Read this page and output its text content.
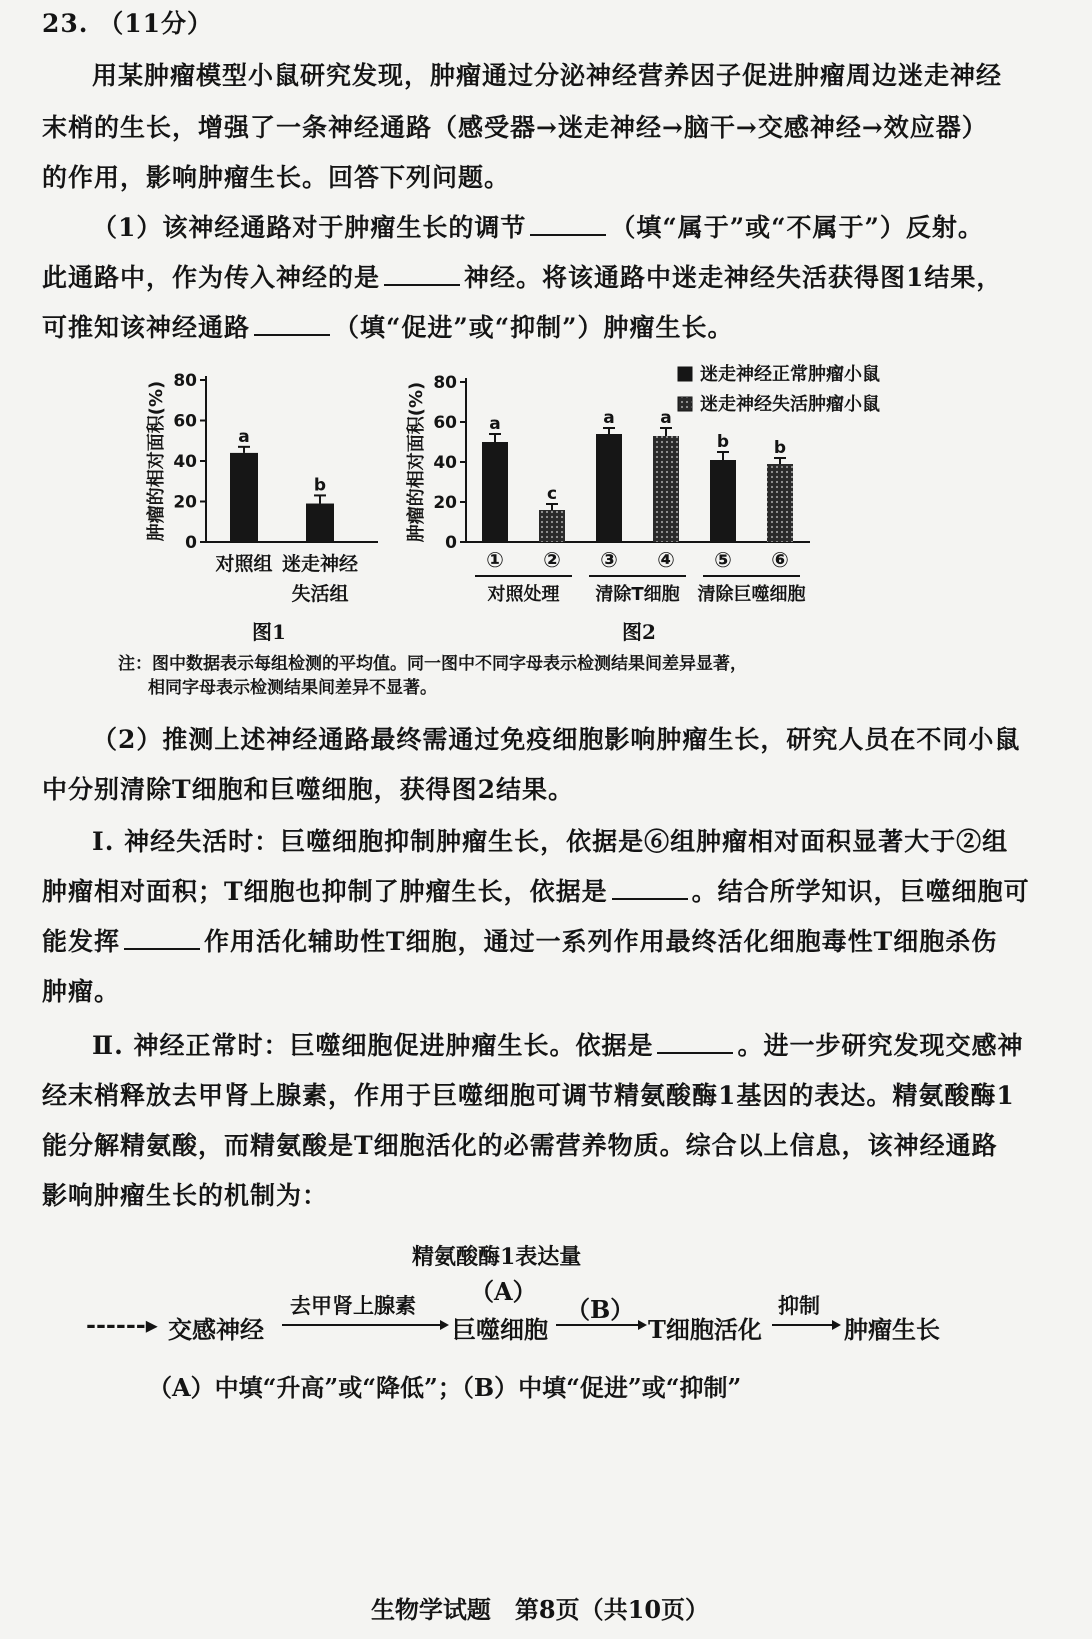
23. （11分）
用某肿瘤模型小鼠研究发现，肿瘤通过分泌神经营养因子促进肿瘤周边迷走神经
末梢的生长，增强了一条神经通路（感受器→迷走神经→脑干→交感神经→效应器）
的作用，影响肿瘤生长。回答下列问题。
（1）该神经通路对于肿瘤生长的调节	（填“属于”或“不属于”）反射。
此通路中，作为传入神经的是	神经。将该通路中迷走神经失活获得图1结果，
可推知该神经通路	（填“促进”或“抑制”）肿瘤生长。
肿瘤的相对面积(%)
0
20
40
60
80
a
b
对照组 迷走神经
失活组
图1
肿瘤的相对面积(%)
0
20
40
60
80
a
c
a	a
b	b
① ② ③ ④ ⑤ ⑥
对照处理 清除T细胞 清除巨噬细胞
迷走神经正常肿瘤小鼠
迷走神经失活肿瘤小鼠
图2
注：图中数据表示每组检测的平均值。同一图中不同字母表示检测结果间差异显著，
相同字母表示检测结果间差异不显著。
（2）推测上述神经通路最终需通过免疫细胞影响肿瘤生长，研究人员在不同小鼠
中分别清除T细胞和巨噬细胞，获得图2结果。
Ⅰ. 神经失活时：巨噬细胞抑制肿瘤生长，依据是⑥组肿瘤相对面积显著大于②组
肿瘤相对面积；T细胞也抑制了肿瘤生长，依据是	。结合所学知识，巨噬细胞可
能发挥	作用活化辅助性T细胞，通过一系列作用最终活化细胞毒性T细胞杀伤
肿瘤。
Ⅱ. 神经正常时：巨噬细胞促进肿瘤生长。依据是	。进一步研究发现交感神
经末梢释放去甲肾上腺素，作用于巨噬细胞可调节精氨酸酶1基因的表达。精氨酸酶1
能分解精氨酸，而精氨酸是T细胞活化的必需营养物质。综合以上信息，该神经通路
影响肿瘤生长的机制为：
精氨酸酶1表达量
（A）
------▸ 交感神经
去甲肾上腺素
巨噬细胞
（B）
T细胞活化
抑制
肿瘤生长
（A）中填“升高”或“降低”；（B）中填“促进”或“抑制”
生物学试题　第8页（共10页）
